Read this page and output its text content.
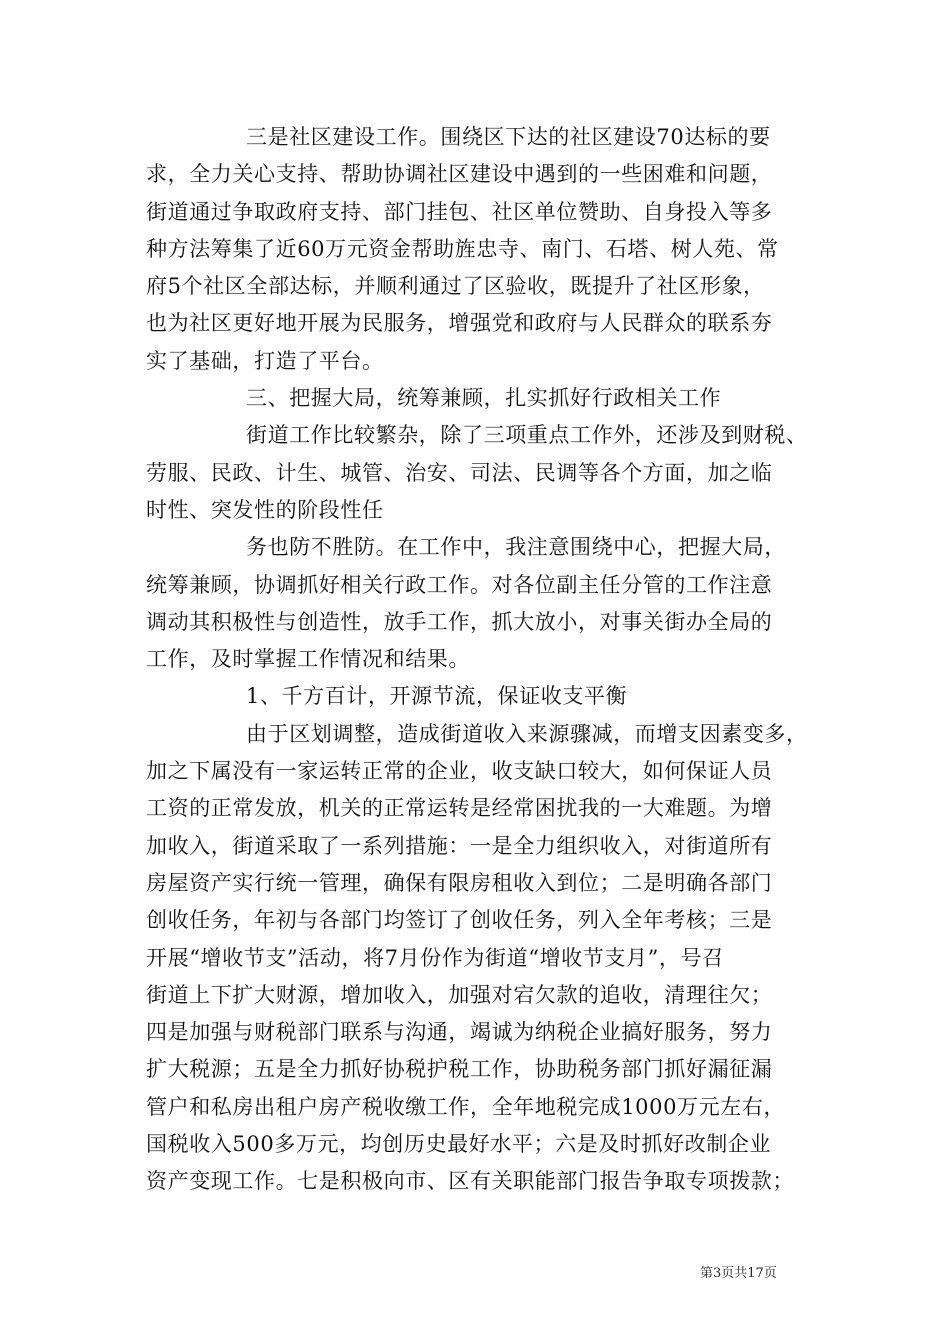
三是社区建设工作。围绕区下达的社区建设70达标的要
求，全力关心支持、帮助协调社区建设中遇到的一些困难和问题，
街道通过争取政府支持、部门挂包、社区单位赞助、自身投入等多
种方法筹集了近60万元资金帮助旌忠寺、南门、石塔、树人苑、常
府5个社区全部达标，并顺利通过了区验收，既提升了社区形象，
也为社区更好地开展为民服务，增强党和政府与人民群众的联系夯
实了基础，打造了平台。
三、把握大局，统筹兼顾，扎实抓好行政相关工作
街道工作比较繁杂，除了三项重点工作外，还涉及到财税、
劳服、民政、计生、城管、治安、司法、民调等各个方面，加之临
时性、突发性的阶段性任
务也防不胜防。在工作中，我注意围绕中心，把握大局，
统筹兼顾，协调抓好相关行政工作。对各位副主任分管的工作注意
调动其积极性与创造性，放手工作，抓大放小，对事关街办全局的
工作，及时掌握工作情况和结果。
1、千方百计，开源节流，保证收支平衡
由于区划调整，造成街道收入来源骤减，而增支因素变多，
加之下属没有一家运转正常的企业，收支缺口较大，如何保证人员
工资的正常发放，机关的正常运转是经常困扰我的一大难题。为增
加收入，街道采取了一系列措施：一是全力组织收入，对街道所有
房屋资产实行统一管理，确保有限房租收入到位；二是明确各部门
创收任务，年初与各部门均签订了创收任务，列入全年考核；三是
开展“增收节支”活动，将7月份作为街道“增收节支月”，号召
街道上下扩大财源，增加收入，加强对宕欠款的追收，清理往欠；
四是加强与财税部门联系与沟通，竭诚为纳税企业搞好服务，努力
扩大税源；五是全力抓好协税护税工作，协助税务部门抓好漏征漏
管户和私房出租户房产税收缴工作，全年地税完成1000万元左右，
国税收入500多万元，均创历史最好水平；六是及时抓好改制企业
资产变现工作。七是积极向市、区有关职能部门报告争取专项拨款；
第3页共17页
